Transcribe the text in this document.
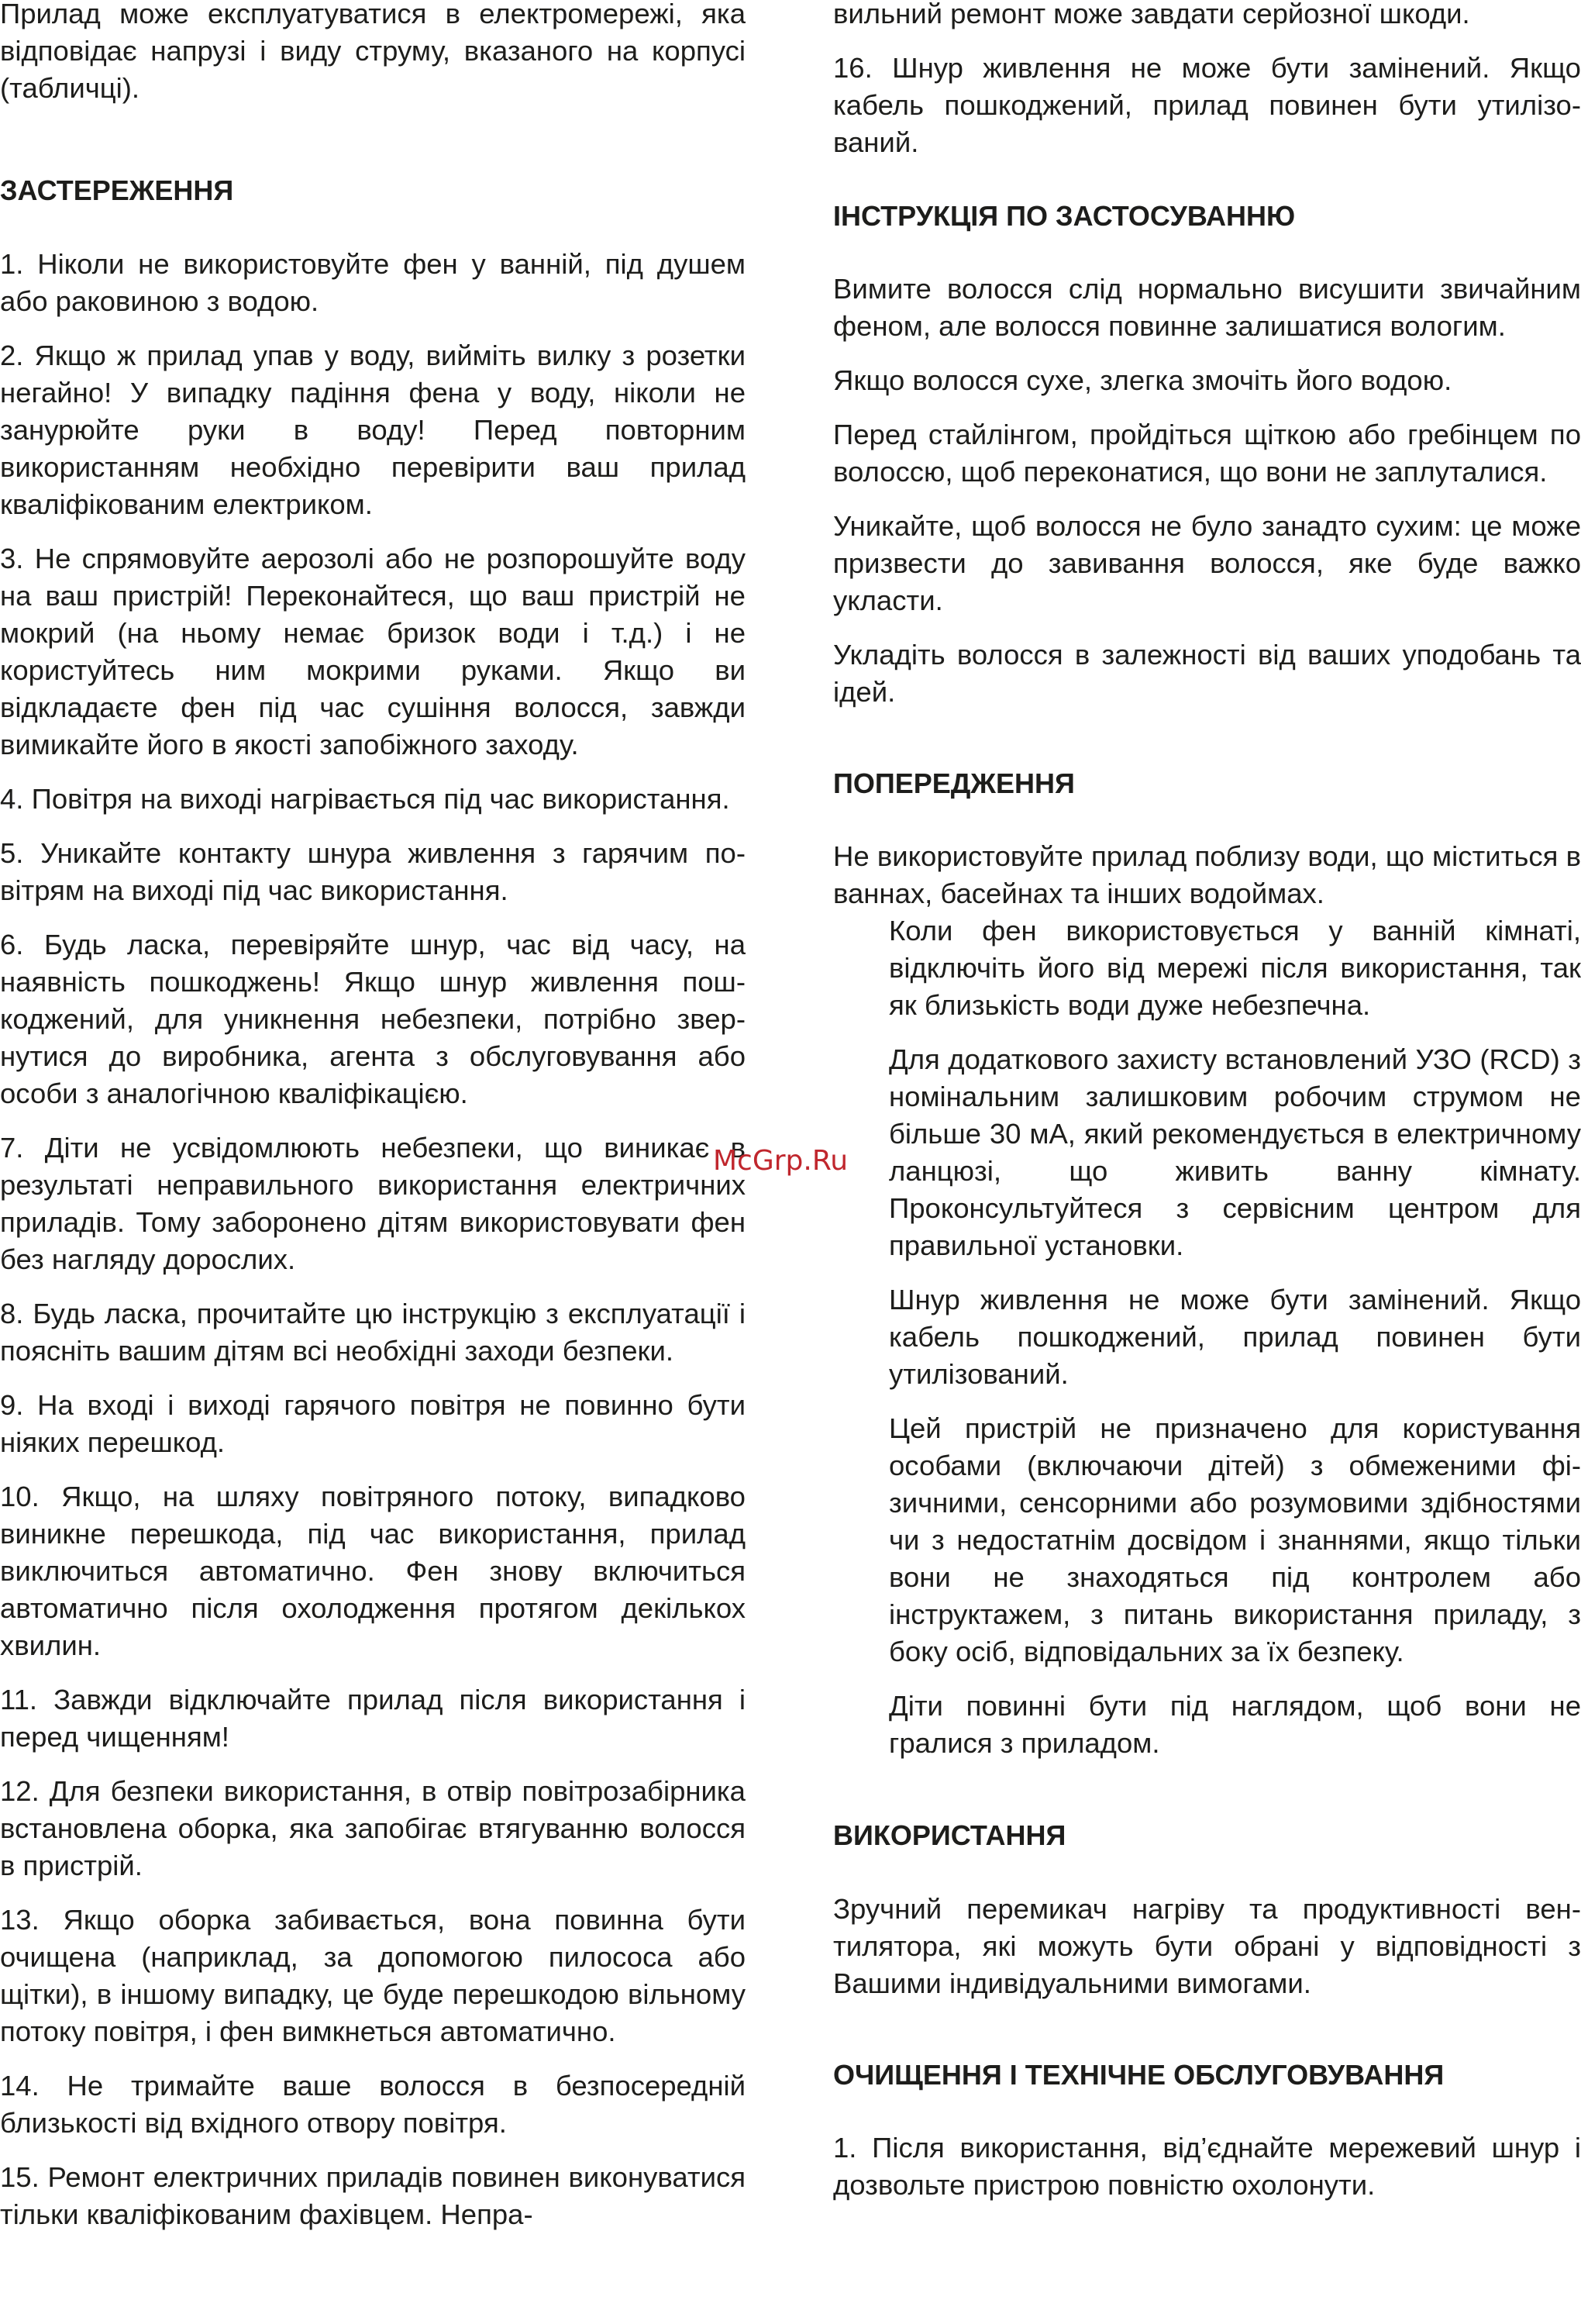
Прилад може експлуатуватися в електромережі, яка відповідає напрузі і виду струму, вказаного на корпусі (табличці).

ЗАСТЕРЕЖЕННЯ

1. Ніколи не використовуйте фен у ванній, під душем або раковиною з водою.

2. Якщо ж прилад упав у воду, вийміть вилку з розетки негайно! У випадку падіння фена у воду, ніколи не занурюйте руки в воду! Перед повторним використанням необхідно перевірити ваш прилад кваліфікованим електриком.

3. Не спрямовуйте аерозолі або не розпорошуйте воду на ваш пристрій! Переконайтеся, що ваш пристрій не мокрий (на ньому немає бризок води і т.д.) і не користуйтесь ним мокрими руками. Якщо ви відкладаєте фен під час сушіння волосся, завжди вимикайте його в якості запобіжного заходу.

4. Повітря на виході нагрівається під час використання.

5. Уникайте контакту шнура живлення з гарячим повітрям на виході під час використання.

6. Будь ласка, перевіряйте шнур, час від часу, на наявність пошкоджень! Якщо шнур живлення пошкоджений, для уникнення небезпеки, потрібно звернутися до виробника, агента з обслуговування або особи з аналогічною кваліфікацією.

7. Діти не усвідомлюють небезпеки, що виникає в результаті неправильного використання електричних приладів. Тому заборонено дітям використовувати фен без нагляду дорослих.

8. Будь ласка, прочитайте цю інструкцію з експлуатації і поясніть вашим дітям всі необхідні заходи безпеки.

9. На вході і виході гарячого повітря не повинно бути ніяких перешкод.

10. Якщо, на шляху повітряного потоку, випадково виникне перешкода, під час використання, прилад виключиться автоматично. Фен знову включиться автоматично після охолодження протягом декількох хвилин.

11. Завжди відключайте прилад після використання і перед чищенням!

12. Для безпеки використання, в отвір повітрозабірника встановлена оборка, яка запобігає втягуванню волосся в пристрій.

13. Якщо оборка забивається, вона повинна бути очищена (наприклад, за допомогою пилососа або щітки), в іншому випадку, це буде перешкодою вільному потоку повітря, і фен вимкнеться автоматично.

14. Не тримайте ваше волосся в безпосередній близькості від вхідного отвору повітря.

15. Ремонт електричних приладів повинен виконуватися тільки кваліфікованим фахівцем. Непра-

вильний ремонт може завдати серйозної шкоди.

16. Шнур живлення не може бути замінений. Якщо кабель пошкоджений, прилад повинен бути утилізований.

ІНСТРУКЦІЯ ПО ЗАСТОСУВАННЮ

Вимите волосся слід нормально висушити звичайним феном, але волосся повинне залишатися вологим.

Якщо волосся сухе, злегка змочіть його водою.

Перед стайлінгом, пройдіться щіткою або гребінцем по волоссю, щоб переконатися, що вони не заплуталися.

Уникайте, щоб волосся не було занадто сухим: це може призвести до завивання волосся, яке буде важко укласти.

Укладіть волосся в залежності від ваших уподобань та ідей.

ПОПЕРЕДЖЕННЯ

Не використовуйте прилад поблизу води, що міститься в ваннах, басейнах та інших водоймах.

Коли фен використовується у ванній кімнаті, відключіть його від мережі після використання, так як близькість води дуже небезпечна.

Для додаткового захисту встановлений УЗО (RCD) з номінальним залишковим робочим струмом не більше 30 мА, який рекомендується в електричному ланцюзі, що живить ванну кімнату. Проконсультуйтеся з сервісним центром для правильної установки.

Шнур живлення не може бути замінений. Якщо кабель пошкоджений, прилад повинен бути утилізований.

Цей пристрій не призначено для користування особами (включаючи дітей) з обмеженими фізичними, сенсорними або розумовими здібностями чи з недостатнім досвідом і знаннями, якщо тільки вони не знаходяться під контролем або інструктажем, з питань використання приладу, з боку осіб, відповідальних за їх безпеку.

Діти повинні бути під наглядом, щоб вони не гралися з приладом.

ВИКОРИСТАННЯ

Зручний перемикач нагріву та продуктивності вентилятора, які можуть бути обрані у відповідності з Вашими індивідуальними вимогами.

ОЧИЩЕННЯ І ТЕХНІЧНЕ ОБСЛУГОВУВАННЯ

1. Після використання, від’єднайте мережевий шнур і дозвольте пристрою повністю охолонути.

McGrp.Ru
